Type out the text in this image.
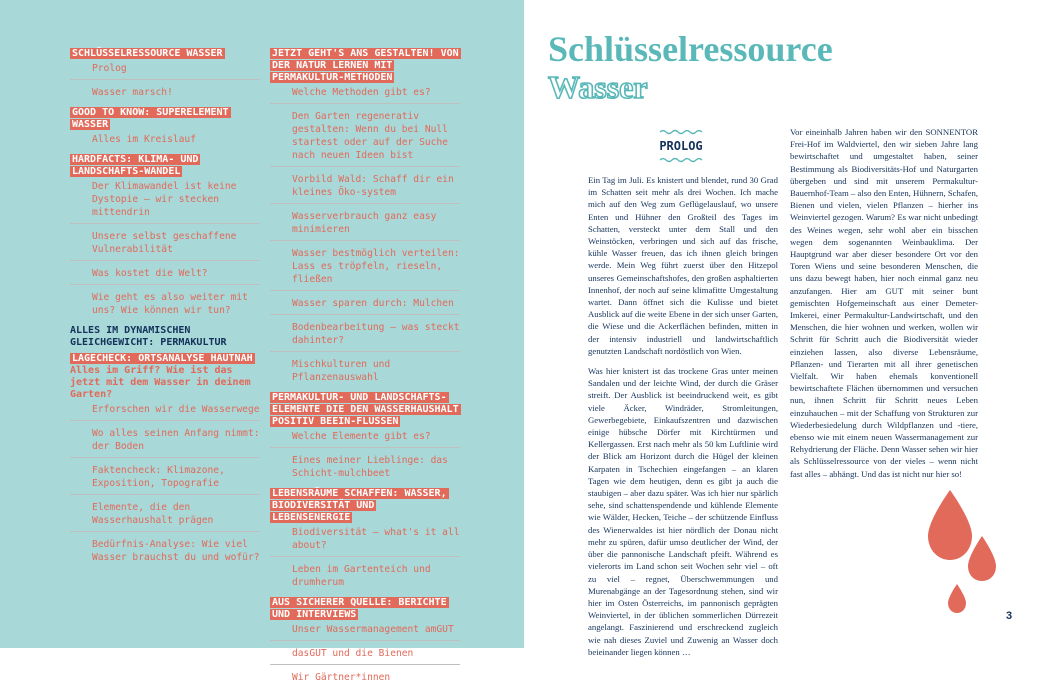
SCHLÜSSELRESSOURCE WASSER
Prolog
Wasser marsch!
GOOD TO KNOW: SUPERELEMENT WASSER
Alles im Kreislauf
HARDFACTS: KLIMA- UND LANDSCHAFTS-WANDEL
Der Klimawandel ist keine Dystopie – wir stecken mittendrin
Unsere selbst geschaffene Vulnerabilität
Was kostet die Welt?
Wie geht es also weiter mit uns? Wie können wir tun?
ALLES IM DYNAMISCHEN GLEICHGEWICHT: PERMAKULTUR
LAGECHECK: ORTSANALYSE HAUTNAH
Alles im Griff? Wie ist das jetzt mit dem Wasser in deinem Garten?
Erforschen wir die Wasserwege
Wo alles seinen Anfang nimmt: der Boden
Faktencheck: Klimazone, Exposition, Topografie
Elemente, die den Wasserhaushalt prägen
Bedürfnis-Analyse: Wie viel Wasser brauchst du und wofür?
JETZT GEHT'S ANS GESTALTEN! VON DER NATUR LERNEN MIT PERMAKULTUR-METHODEN
Welche Methoden gibt es?
Den Garten regenerativ gestalten: Wenn du bei Null startest oder auf der Suche nach neuen Ideen bist
Vorbild Wald: Schaff dir ein kleines Öko-system
Wasserverbrauch ganz easy minimieren
Wasser bestmöglich verteilen: Lass es tröpfeln, rieseln, fließen
Wasser sparen durch: Mulchen
Bodenbearbeitung – was steckt dahinter?
Mischkulturen und Pflanzenauswahl
PERMAKULTUR- UND LANDSCHAFTS-ELEMENTE DIE DEN WASSERHAUSHALT POSITIV BEEIN-FLUSSEN
Welche Elemente gibt es?
Eines meiner Lieblinge: das Schicht-mulchbeet
LEBENSRÄUME SCHAFFEN: WASSER, BIODIVERSITÄT UND LEBENSENERGIE
Biodiversität – what's it all about?
Leben im Gartenteich und drumherum
AUS SICHERER QUELLE: BERICHTE UND INTERVIEWS
Unser Wassermanagement amGUT
dasGUT und die Bienen
Wir Gärtner*innen
Schlüsselressource
Wasser
PROLOG

Ein Tag im Juli. Es knistert und blendet, rund 30 Grad im Schatten seit mehr als drei Wochen. Ich mache mich auf den Weg zum Geflügelauslauf, wo unsere Enten und Hühner den Großteil des Tages im Schatten, versteckt unter dem Stall und den Weinstöcken, verbringen und sich auf das frische, kühle Wasser freuen, das ich ihnen gleich bringen werde. Mein Weg führt zuerst über den Hitzepol unseres Gemeinschaftshofes, den großen asphaltierten Innenhof, der noch auf seine klimafitte Umgestaltung wartet. Dann öffnet sich die Kulisse und bietet Ausblick auf die weite Ebene in der sich unser Garten, die Wiese und die Ackerflächen befinden, mitten in der intensiv industriell und landwirtschaftlich genutzten Landschaft nordöstlich von Wien.

Was hier knistert ist das trockene Gras unter meinen Sandalen und der leichte Wind, der durch die Gräser streift. Der Ausblick ist beeindruckend weit, es gibt viele Äcker, Windräder, Stromleitungen, Gewerbegebiete, Einkaufszentren und dazwischen einige hübsche Dörfer mit Kirchtürmen und Kellergassen. Erst nach mehr als 50 km Luftlinie wird der Blick am Horizont durch die Hügel der kleinen Karpaten in Tschechien eingefangen – an klaren Tagen wie dem heutigen, denn es gibt ja auch die staubigen – aber dazu später. Was ich hier nur spärlich sehe, sind schattenspendende und kühlende Elemente wie Wälder, Hecken, Teiche – der schützende Einfluss des Wienerwaldes ist hier nördlich der Donau nicht mehr zu spüren, dafür umso deutlicher der Wind, der über die pannonische Landschaft pfeift. Während es vielerorts im Land schon seit Wochen sehr viel – oft zu viel – regnet, Überschwemmungen und Murenabgänge an der Tagesordnung stehen, sind wir hier im Osten Österreichs, im pannonisch geprägten Weinviertel, in der üblichen sommerlichen Dürrezeit angelangt. Faszinierend und erschreckend zugleich wie nah dieses Zuviel und Zuwenig an Wasser doch beieinander liegen können …

Vor eineinhalb Jahren haben wir den SONNENTOR Frei-Hof im Waldviertel, den wir sieben Jahre lang bewirtschaftet und umgestaltet haben, seiner Bestimmung als Biodiversitäts-Hof und Naturgarten übergeben und sind mit unserem Permakultur-Bauernhof-Team – also den Enten, Hühnern, Schafen, Bienen und vielen, vielen Pflanzen – hierher ins Weinviertel gezogen. Warum? Es war nicht unbedingt des Weines wegen, sehr wohl aber ein bisschen wegen dem sogenannten Weinbauklima. Der Hauptgrund war aber dieser besondere Ort vor den Toren Wiens und seine besonderen Menschen, die uns dazu bewegt haben, hier noch einmal ganz neu anzufangen. Hier am GUT mit seiner bunt gemischten Hofgemeinschaft aus einer Demeter-Imkerei, einer Permakultur-Landwirtschaft, und den Menschen, die hier wohnen und werken, wollen wir Schritt für Schritt auch die Biodiversität wieder einziehen lassen, also diverse Lebensräume, Pflanzen- und Tierarten mit all ihrer genetischen Vielfalt. Wir haben ehemals konventionell bewirtschaftete Flächen übernommen und versuchen nun, ihnen Schritt für Schritt neues Leben einzuhauchen – mit der Schaffung von Strukturen zur Wiederbesiedelung durch Wildpflanzen und -tiere, ebenso wie mit einem neuen Wassermanagement zur Rehydrierung der Fläche. Denn Wasser sehen wir hier als Schlüsselressource von der vieles – wenn nicht fast alles – abhängt. Und das ist nicht nur hier so!

3
